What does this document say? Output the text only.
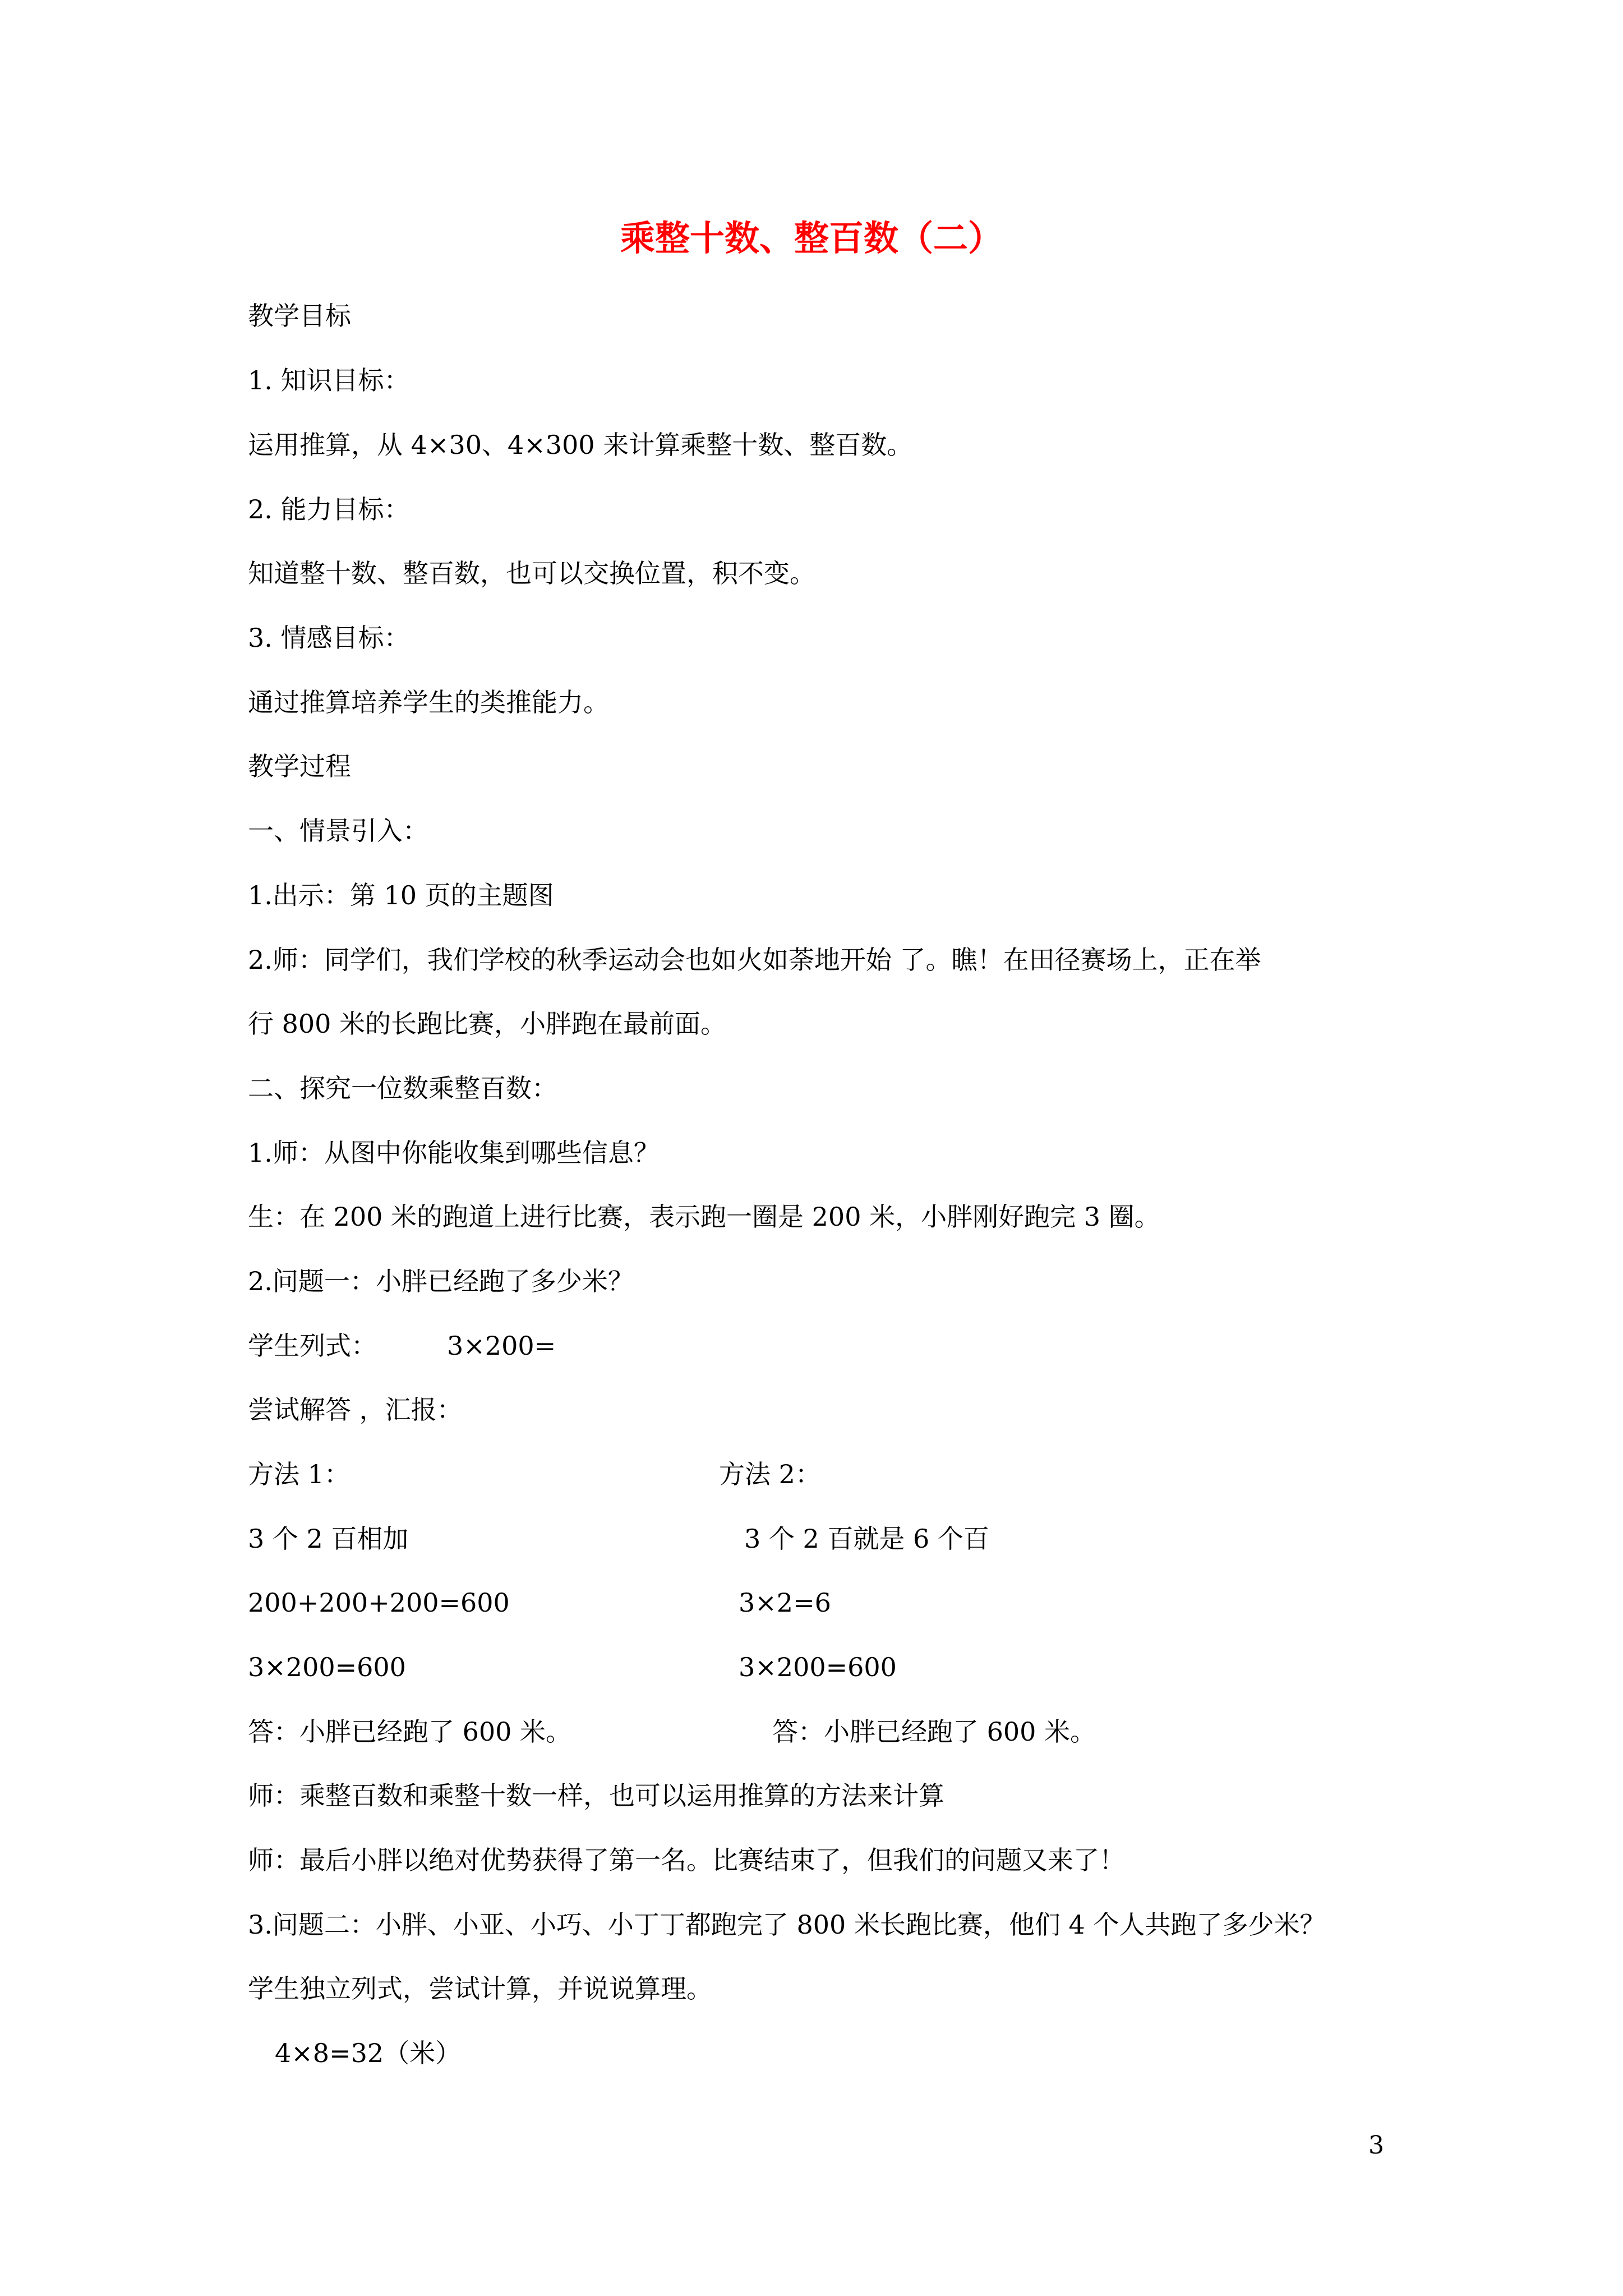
乘整十数、整百数（二）
教学目标
1. 知识目标：
运用推算，从 4×30、4×300 来计算乘整十数、整百数。
2. 能力目标：
知道整十数、整百数，也可以交换位置，积不变。
3. 情感目标：
通过推算培养学生的类推能力。
教学过程
一、情景引入：
1.出示：第 10 页的主题图
2.师：同学们，我们学校的秋季运动会也如火如荼地开始 了。瞧！在田径赛场上，正在举
行 800 米的长跑比赛，小胖跑在最前面。
二、探究一位数乘整百数：
1.师：从图中你能收集到哪些信息？
生：在 200 米的跑道上进行比赛，表示跑一圈是 200 米，小胖刚好跑完 3 圈。
2.问题一：小胖已经跑了多少米？
学生列式：	3×200=
尝试解答 ，汇报：
方法 1：	方法 2：
3 个 2 百相加	3 个 2 百就是 6 个百
200+200+200=600	3×2=6
3×200=600	3×200=600
答：小胖已经跑了 600 米。	答：小胖已经跑了 600 米。
师：乘整百数和乘整十数一样，也可以运用推算的方法来计算
师：最后小胖以绝对优势获得了第一名。比赛结束了，但我们的问题又来了！
3.问题二：小胖、小亚、小巧、小丁丁都跑完了 800 米长跑比赛，他们 4 个人共跑了多少米？
学生独立列式，尝试计算，并说说算理。
4×8=32（米）
3
